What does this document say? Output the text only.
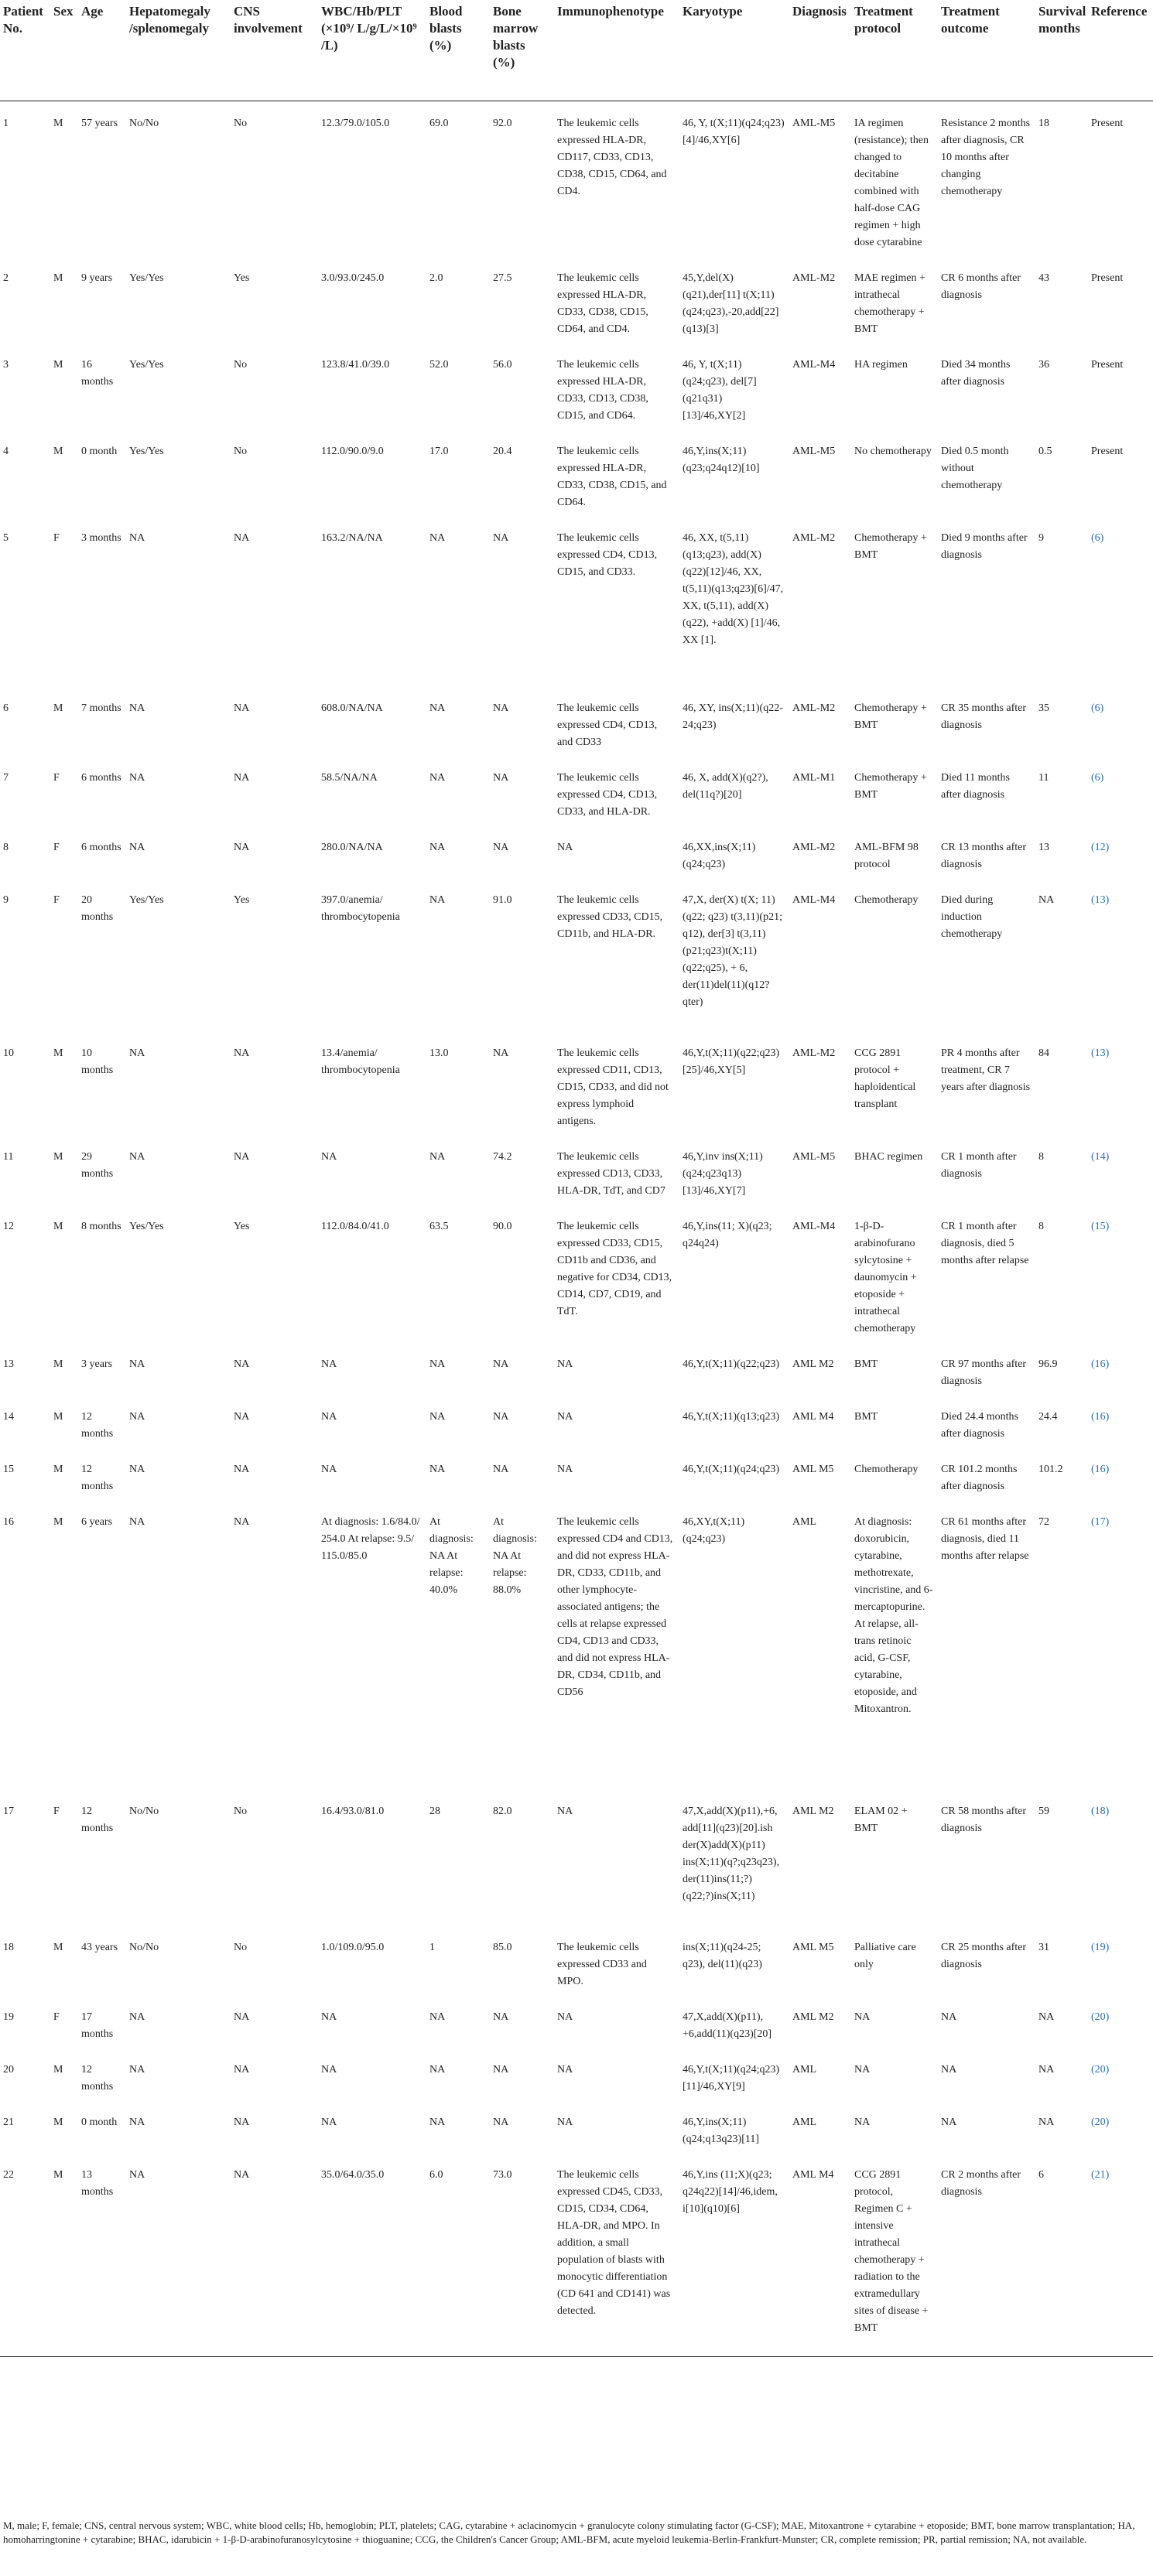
Patient No.	Sex	Age	Hepatomegaly /splenomegaly	CNS involvement	WBC/Hb/PLT (×10⁹/ L/g/L/×10⁹ /L)	Blood blasts (%)	Bone marrow blasts (%)	Immunophenotype	Karyotype	Diagnosis	Treatment protocol	Treatment outcome	Survival months	Reference
1	M	57 years	No/No	No	12.3/79.0/105.0	69.0	92.0	The leukemic cells expressed HLA-DR, CD117, CD33, CD13, CD38, CD15, CD64, and CD4.	46, Y, t(X;11)(q24;q23)[4]/46,XY[6]	AML-M5	IA regimen (resistance); then changed to decitabine combined with half-dose CAG regimen + high dose cytarabine	Resistance 2 months after diagnosis, CR 10 months after changing chemotherapy	18	Present
2	M	9 years	Yes/Yes	Yes	3.0/93.0/245.0	2.0	27.5	The leukemic cells expressed HLA-DR, CD33, CD38, CD15, CD64, and CD4.	45,Y,del(X)(q21),der[11] t(X;11)(q24;q23),-20,add[22](q13)[3]	AML-M2	MAE regimen + intrathecal chemotherapy + BMT	CR 6 months after diagnosis	43	Present
3	M	16 months	Yes/Yes	No	123.8/41.0/39.0	52.0	56.0	The leukemic cells expressed HLA-DR, CD33, CD13, CD38, CD15, and CD64.	46, Y, t(X;11)(q24;q23), del[7](q21q31)[13]/46,XY[2]	AML-M4	HA regimen	Died 34 months after diagnosis	36	Present
4	M	0 month	Yes/Yes	No	112.0/90.0/9.0	17.0	20.4	The leukemic cells expressed HLA-DR, CD33, CD38, CD15, and CD64.	46,Y,ins(X;11)(q23;q24q12)[10]	AML-M5	No chemotherapy	Died 0.5 month without chemotherapy	0.5	Present
5	F	3 months	NA	NA	163.2/NA/NA	NA	NA	The leukemic cells expressed CD4, CD13, CD15, and CD33.	46, XX, t(5,11)(q13;q23), add(X)(q22)[12]/46, XX, t(5,11)(q13;q23)[6]/47, XX, t(5,11), add(X)(q22), +add(X) [1]/46, XX [1].	AML-M2	Chemotherapy + BMT	Died 9 months after diagnosis	9	(6)
6	M	7 months	NA	NA	608.0/NA/NA	NA	NA	The leukemic cells expressed CD4, CD13, and CD33	46, XY, ins(X;11)(q22-24;q23)	AML-M2	Chemotherapy + BMT	CR 35 months after diagnosis	35	(6)
7	F	6 months	NA	NA	58.5/NA/NA	NA	NA	The leukemic cells expressed CD4, CD13, CD33, and HLA-DR.	46, X, add(X)(q2?), del(11q?)[20]	AML-M1	Chemotherapy + BMT	Died 11 months after diagnosis	11	(6)
8	F	6 months	NA	NA	280.0/NA/NA	NA	NA	NA	46,XX,ins(X;11)(q24;q23)	AML-M2	AML-BFM 98 protocol	CR 13 months after diagnosis	13	(12)
9	F	20 months	Yes/Yes	Yes	397.0/anemia/ thrombocytopenia	NA	91.0	The leukemic cells expressed CD33, CD15, CD11b, and HLA-DR.	47,X, der(X) t(X; 11)(q22; q23) t(3,11)(p21; q12), der[3] t(3,11)(p21;q23)t(X;11)(q22;q25), + 6, der(11)del(11)(q12?qter)	AML-M4	Chemotherapy	Died during induction chemotherapy	NA	(13)
10	M	10 months	NA	NA	13.4/anemia/ thrombocytopenia	13.0	NA	The leukemic cells expressed CD11, CD13, CD15, CD33, and did not express lymphoid antigens.	46,Y,t(X;11)(q22;q23)[25]/46,XY[5]	AML-M2	CCG 2891 protocol + haploidentical transplant	PR 4 months after treatment, CR 7 years after diagnosis	84	(13)
11	M	29 months	NA	NA	NA	NA	74.2	The leukemic cells expressed CD13, CD33, HLA-DR, TdT, and CD7	46,Y,inv ins(X;11)(q24;q23q13)[13]/46,XY[7]	AML-M5	BHAC regimen	CR 1 month after diagnosis	8	(14)
12	M	8 months	Yes/Yes	Yes	112.0/84.0/41.0	63.5	90.0	The leukemic cells expressed CD33, CD15, CD11b and CD36, and negative for CD34, CD13, CD14, CD7, CD19, and TdT.	46,Y,ins(11; X)(q23; q24q24)	AML-M4	1-β-D-arabinofurano sylcytosine + daunomycin + etoposide + intrathecal chemotherapy	CR 1 month after diagnosis, died 5 months after relapse	8	(15)
13	M	3 years	NA	NA	NA	NA	NA	NA	46,Y,t(X;11)(q22;q23)	AML M2	BMT	CR 97 months after diagnosis	96.9	(16)
14	M	12 months	NA	NA	NA	NA	NA	NA	46,Y,t(X;11)(q13;q23)	AML M4	BMT	Died 24.4 months after diagnosis	24.4	(16)
15	M	12 months	NA	NA	NA	NA	NA	NA	46,Y,t(X;11)(q24;q23)	AML M5	Chemotherapy	CR 101.2 months after diagnosis	101.2	(16)
16	M	6 years	NA	NA	At diagnosis: 1.6/84.0/ 254.0 At relapse: 9.5/ 115.0/85.0	At diagnosis: NA At relapse: 40.0%	At diagnosis: NA At relapse: 88.0%	The leukemic cells expressed CD4 and CD13, and did not express HLA-DR, CD33, CD11b, and other lymphocyte-associated antigens; the cells at relapse expressed CD4, CD13 and CD33, and did not express HLA-DR, CD34, CD11b, and CD56	46,XY,t(X;11)(q24;q23)	AML	At diagnosis: doxorubicin, cytarabine, methotrexate, vincristine, and 6-mercaptopurine. At relapse, all-trans retinoic acid, G-CSF, cytarabine, etoposide, and Mitoxantron.	CR 61 months after diagnosis, died 11 months after relapse	72	(17)
17	F	12 months	No/No	No	16.4/93.0/81.0	28	82.0	NA	47,X,add(X)(p11),+6, add[11](q23)[20].ish der(X)add(X)(p11) ins(X;11)(q?;q23q23), der(11)ins(11;?)(q22;?)ins(X;11)	AML M2	ELAM 02 + BMT	CR 58 months after diagnosis	59	(18)
18	M	43 years	No/No	No	1.0/109.0/95.0	1	85.0	The leukemic cells expressed CD33 and MPO.	ins(X;11)(q24-25; q23), del(11)(q23)	AML M5	Palliative care only	CR 25 months after diagnosis	31	(19)
19	F	17 months	NA	NA	NA	NA	NA	NA	47,X,add(X)(p11), +6,add(11)(q23)[20]	AML M2	NA	NA	NA	(20)
20	M	12 months	NA	NA	NA	NA	NA	NA	46,Y,t(X;11)(q24;q23)[11]/46,XY[9]	AML	NA	NA	NA	(20)
21	M	0 month	NA	NA	NA	NA	NA	NA	46,Y,ins(X;11)(q24;q13q23)[11]	AML	NA	NA	NA	(20)
22	M	13 months	NA	NA	35.0/64.0/35.0	6.0	73.0	The leukemic cells expressed CD45, CD33, CD15, CD34, CD64, HLA-DR, and MPO. In addition, a small population of blasts with monocytic differentiation (CD 641 and CD141) was detected.	46,Y,ins (11;X)(q23; q24q22)[14]/46,idem, i[10](q10)[6]	AML M4	CCG 2891 protocol, Regimen C + intensive intrathecal chemotherapy + radiation to the extramedullary sites of disease + BMT	CR 2 months after diagnosis	6	(21)
M, male; F, female; CNS, central nervous system; WBC, white blood cells; Hb, hemoglobin; PLT, platelets; CAG, cytarabine + aclacinomycin + granulocyte colony stimulating factor (G-CSF); MAE, Mitoxantrone + cytarabine + etoposide; BMT, bone marrow transplantation; HA, homoharringtonine + cytarabine; BHAC, idarubicin + 1-β-D-arabinofuranosylcytosine + thioguanine; CCG, the Children's Cancer Group; AML-BFM, acute myeloid leukemia-Berlin-Frankfurt-Munster; CR, complete remission; PR, partial remission; NA, not available.
